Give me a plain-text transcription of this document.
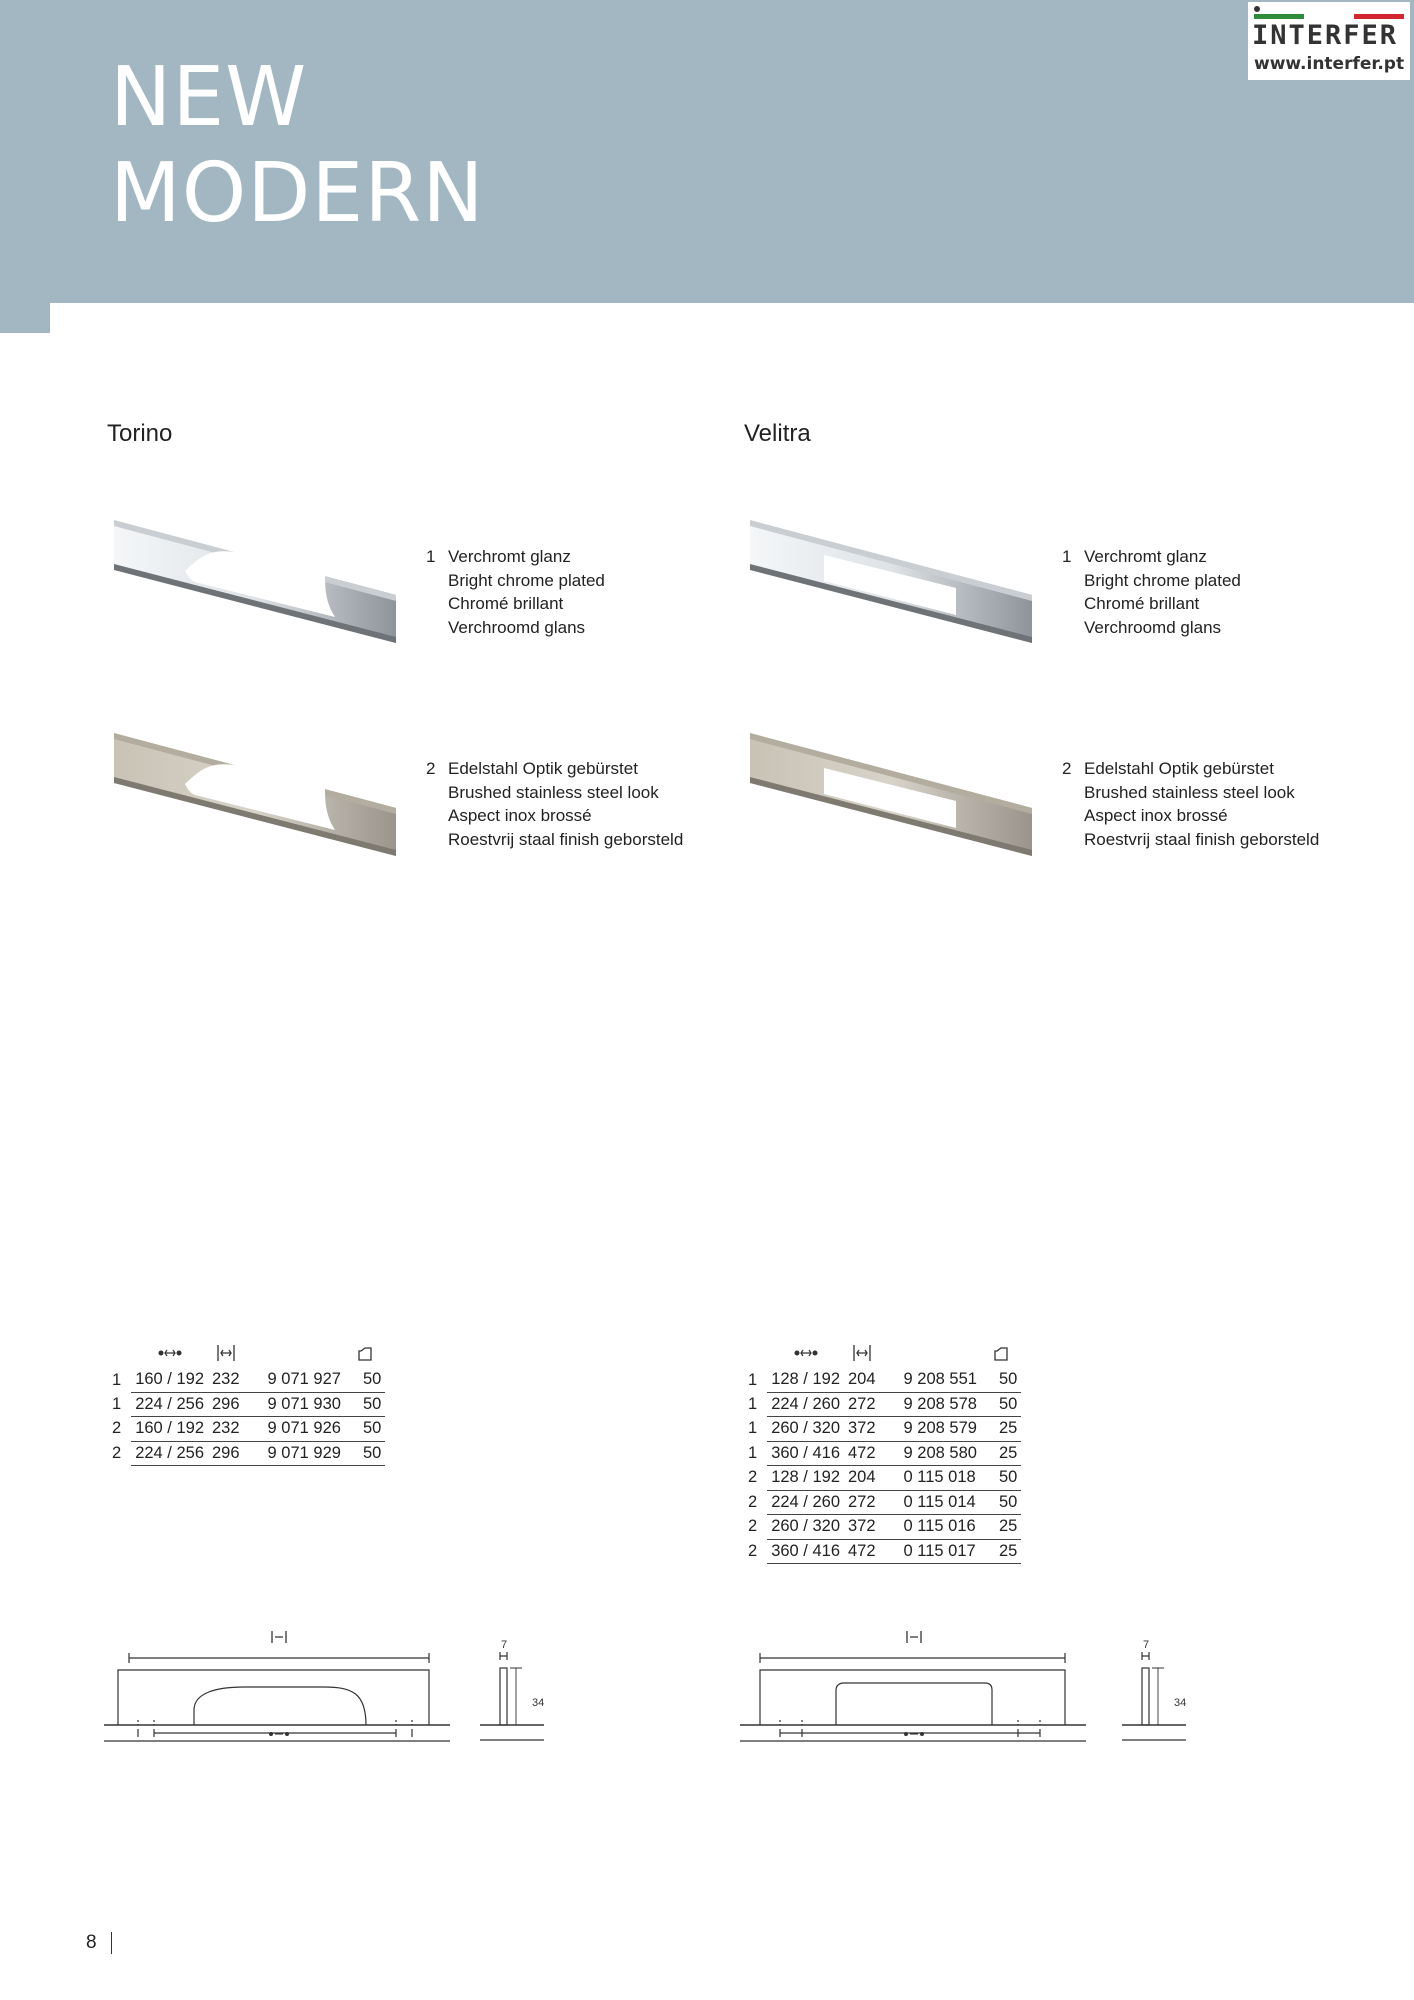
NEW
MODERN
INTERFER
www.interfer.pt
Torino
1 Verchromt glanz
Bright chrome plated
Chromé brillant
Verchroomd glans
2 Edelstahl Optik gebürstet
Brushed stainless steel look
Aspect inox brossé
Roestvrij staal finish geborsteld
Velitra
1 Verchromt glanz
Bright chrome plated
Chromé brillant
Verchroomd glans
2 Edelstahl Optik gebürstet
Brushed stainless steel look
Aspect inox brossé
Roestvrij staal finish geborsteld

1	160 / 192	232	9 071 927	50
1	224 / 256	296	9 071 930	50
2	160 / 192	232	9 071 926	50
2	224 / 256	296	9 071 929	50

1	128 / 192	204	9 208 551	50
1	224 / 260	272	9 208 578	50
1	260 / 320	372	9 208 579	25
1	360 / 416	472	9 208 580	25
2	128 / 192	204	0 115 018	50
2	224 / 260	272	0 115 014	50
2	260 / 320	372	0 115 016	25
2	360 / 416	472	0 115 017	25
7
34
7
34
8
